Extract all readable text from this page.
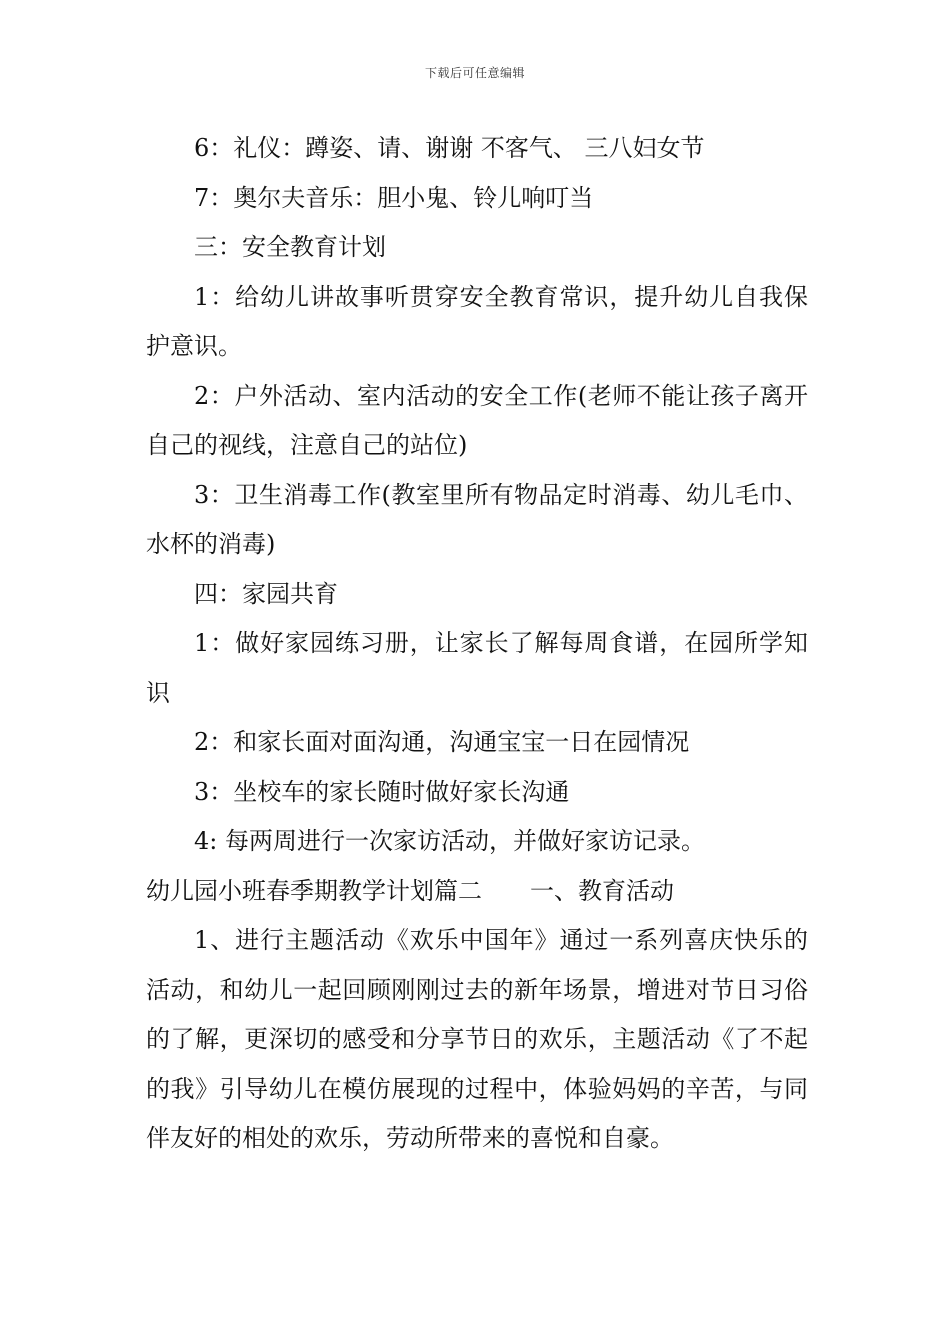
下载后可任意编辑

6：礼仪：蹲姿、请、谢谢 不客气、 三八妇女节

7：奥尔夫音乐：胆小鬼、铃儿响叮当

三：安全教育计划

1：给幼儿讲故事听贯穿安全教育常识，提升幼儿自我保护意识。

2：户外活动、室内活动的安全工作(老师不能让孩子离开自己的视线，注意自己的站位)

3：卫生消毒工作(教室里所有物品定时消毒、幼儿毛巾、水杯的消毒)

四：家园共育

1：做好家园练习册，让家长了解每周食谱，在园所学知识

2：和家长面对面沟通，沟通宝宝一日在园情况

3：坐校车的家长随时做好家长沟通

4: 每两周进行一次家访活动，并做好家访记录。

幼儿园小班春季期教学计划篇二　　一、教育活动

1、进行主题活动《欢乐中国年》通过一系列喜庆快乐的活动，和幼儿一起回顾刚刚过去的新年场景，增进对节日习俗的了解，更深切的感受和分享节日的欢乐，主题活动《了不起的我》引导幼儿在模仿展现的过程中，体验妈妈的辛苦，与同伴友好的相处的欢乐，劳动所带来的喜悦和自豪。
